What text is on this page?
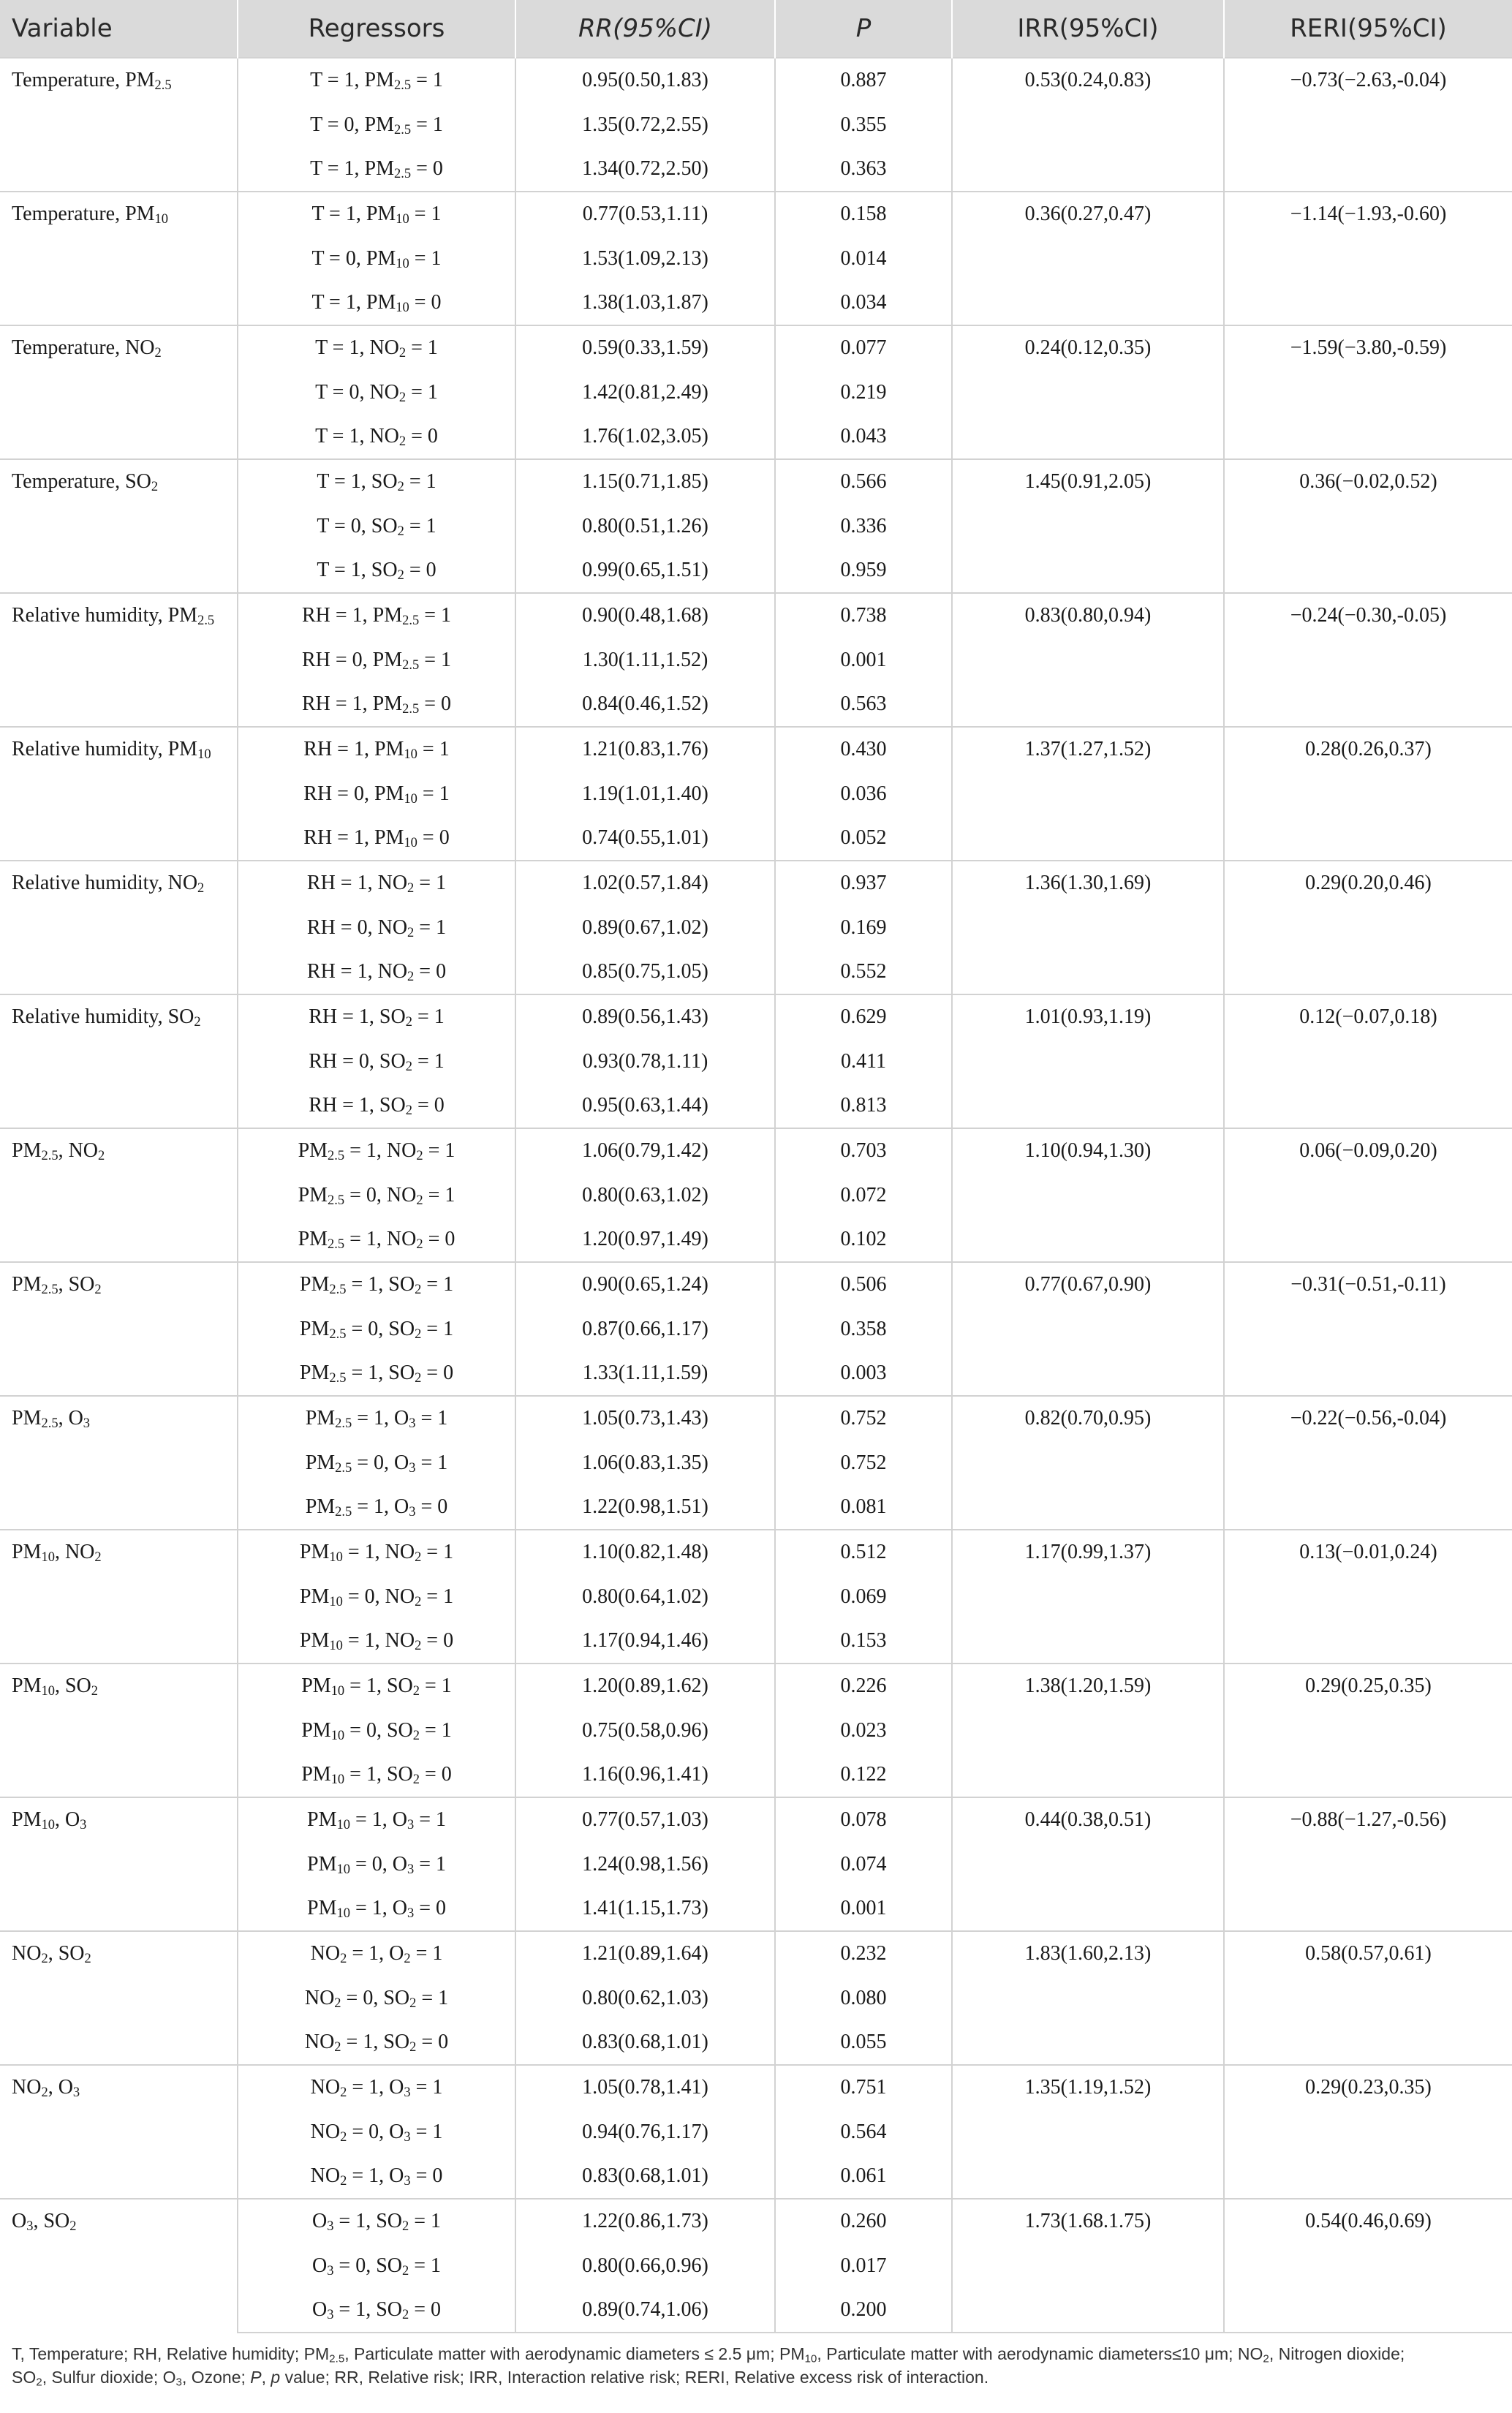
Variable	Regressors	RR(95%CI)	P	IRR(95%CI)	RERI(95%CI)
Temperature, $PM_{2.5}$	T = 1, $PM_{2.5} = 1$	0.95(0.50,1.83)	0.887	0.53(0.24,0.83)	−0.73(−2.63,-0.04)
	T = 0, $PM_{2.5} = 1$	1.35(0.72,2.55)	0.355		
	T = 1, $PM_{2.5} = 0$	1.34(0.72,2.50)	0.363		
Temperature, $PM_{10}$	T = 1, $PM_{10} = 1$	0.77(0.53,1.11)	0.158	0.36(0.27,0.47)	−1.14(−1.93,-0.60)
	T = 0, $PM_{10} = 1$	1.53(1.09,2.13)	0.014		
	T = 1, $PM_{10} = 0$	1.38(1.03,1.87)	0.034		
Temperature, $NO_2$	T = 1, $NO_2 = 1$	0.59(0.33,1.59)	0.077	0.24(0.12,0.35)	−1.59(−3.80,-0.59)
	T = 0, $NO_2 = 1$	1.42(0.81,2.49)	0.219		
	T = 1, $NO_2 = 0$	1.76(1.02,3.05)	0.043		
Temperature, $SO_2$	T = 1, $SO_2 = 1$	1.15(0.71,1.85)	0.566	1.45(0.91,2.05)	0.36(−0.02,0.52)
	T = 0, $SO_2 = 1$	0.80(0.51,1.26)	0.336		
	T = 1, $SO_2 = 0$	0.99(0.65,1.51)	0.959		
Relative humidity, $PM_{2.5}$	RH = 1, $PM_{2.5} = 1$	0.90(0.48,1.68)	0.738	0.83(0.80,0.94)	−0.24(−0.30,-0.05)
	RH = 0, $PM_{2.5} = 1$	1.30(1.11,1.52)	0.001		
	RH = 1, $PM_{2.5} = 0$	0.84(0.46,1.52)	0.563		
Relative humidity, $PM_{10}$	RH = 1, $PM_{10} = 1$	1.21(0.83,1.76)	0.430	1.37(1.27,1.52)	0.28(0.26,0.37)
	RH = 0, $PM_{10} = 1$	1.19(1.01,1.40)	0.036		
	RH = 1, $PM_{10} = 0$	0.74(0.55,1.01)	0.052		
Relative humidity, $NO_2$	RH = 1, $NO_2 = 1$	1.02(0.57,1.84)	0.937	1.36(1.30,1.69)	0.29(0.20,0.46)
	RH = 0, $NO_2 = 1$	0.89(0.67,1.02)	0.169		
	RH = 1, $NO_2 = 0$	0.85(0.75,1.05)	0.552		
Relative humidity, $SO_2$	RH = 1, $SO_2 = 1$	0.89(0.56,1.43)	0.629	1.01(0.93,1.19)	0.12(−0.07,0.18)
	RH = 0, $SO_2 = 1$	0.93(0.78,1.11)	0.411		
	RH = 1, $SO_2 = 0$	0.95(0.63,1.44)	0.813		
$PM_{2.5}$, $NO_2$	$PM_{2.5} = 1$, $NO_2 = 1$	1.06(0.79,1.42)	0.703	1.10(0.94,1.30)	0.06(−0.09,0.20)
	$PM_{2.5} = 0$, $NO_2 = 1$	0.80(0.63,1.02)	0.072		
	$PM_{2.5} = 1$, $NO_2 = 0$	1.20(0.97,1.49)	0.102		
$PM_{2.5}$, $SO_2$	$PM_{2.5} = 1$, $SO_2 = 1$	0.90(0.65,1.24)	0.506	0.77(0.67,0.90)	−0.31(−0.51,-0.11)
	$PM_{2.5} = 0$, $SO_2 = 1$	0.87(0.66,1.17)	0.358		
	$PM_{2.5} = 1$, $SO_2 = 0$	1.33(1.11,1.59)	0.003		
$PM_{2.5}$, $O_3$	$PM_{2.5} = 1$, $O_3 = 1$	1.05(0.73,1.43)	0.752	0.82(0.70,0.95)	−0.22(−0.56,-0.04)
	$PM_{2.5} = 0$, $O_3 = 1$	1.06(0.83,1.35)	0.752		
	$PM_{2.5} = 1$, $O_3 = 0$	1.22(0.98,1.51)	0.081		
$PM_{10}$, $NO_2$	$PM_{10} = 1$, $NO_2 = 1$	1.10(0.82,1.48)	0.512	1.17(0.99,1.37)	0.13(−0.01,0.24)
	$PM_{10} = 0$, $NO_2 = 1$	0.80(0.64,1.02)	0.069		
	$PM_{10} = 1$, $NO_2 = 0$	1.17(0.94,1.46)	0.153		
$PM_{10}$, $SO_2$	$PM_{10} = 1$, $SO_2 = 1$	1.20(0.89,1.62)	0.226	1.38(1.20,1.59)	0.29(0.25,0.35)
	$PM_{10} = 0$, $SO_2 = 1$	0.75(0.58,0.96)	0.023		
	$PM_{10} = 1$, $SO_2 = 0$	1.16(0.96,1.41)	0.122		
$PM_{10}$, $O_3$	$PM_{10} = 1$, $O_3 = 1$	0.77(0.57,1.03)	0.078	0.44(0.38,0.51)	−0.88(−1.27,-0.56)
	$PM_{10} = 0$, $O_3 = 1$	1.24(0.98,1.56)	0.074		
	$PM_{10} = 1$, $O_3 = 0$	1.41(1.15,1.73)	0.001		
$NO_2$, $SO_2$	$NO_2 = 1$, $O_2 = 1$	1.21(0.89,1.64)	0.232	1.83(1.60,2.13)	0.58(0.57,0.61)
	$NO_2 = 0$, $SO_2 = 1$	0.80(0.62,1.03)	0.080		
	$NO_2 = 1$, $SO_2 = 0$	0.83(0.68,1.01)	0.055		
$NO_2$, $O_3$	$NO_2 = 1$, $O_3 = 1$	1.05(0.78,1.41)	0.751	1.35(1.19,1.52)	0.29(0.23,0.35)
	$NO_2 = 0$, $O_3 = 1$	0.94(0.76,1.17)	0.564		
	$NO_2 = 1$, $O_3 = 0$	0.83(0.68,1.01)	0.061		
$O_3$, $SO_2$	$O_3 = 1$, $SO_2 = 1$	1.22(0.86,1.73)	0.260	1.73(1.68.1.75)	0.54(0.46,0.69)
	$O_3 = 0$, $SO_2 = 1$	0.80(0.66,0.96)	0.017		
	$O_3 = 1$, $SO_2 = 0$	0.89(0.74,1.06)	0.200		

T, Temperature; RH, Relative humidity; $PM_{2.5}$, Particulate matter with aerodynamic diameters ≤ 2.5 μm; $PM_{10}$, Particulate matter with aerodynamic diameters≤10 μm; $NO_2$, Nitrogen dioxide;

$SO_2$, Sulfur dioxide; $O_3$, Ozone; P, p value; RR, Relative risk; IRR, Interaction relative risk; RERI, Relative excess risk of interaction.
